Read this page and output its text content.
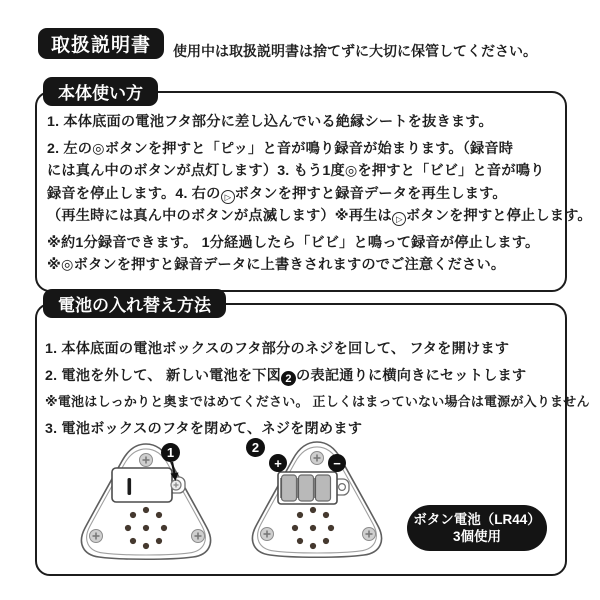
取扱説明書 使用中は取扱説明書は捨てずに大切に保管してください。
本体使い方

1. 本体底面の電池フタ部分に差し込んでいる絶縁シートを抜きます。

2. 左の◎ボタンを押すと「ピッ」と音が鳴り録音が始まります。（録音時

には真ん中のボタンが点灯します）3. もう1度◎を押すと「ビビ」と音が鳴り

録音を停止します。4. 右の ▷ ボタンを押すと録音データを再生します。

（再生時には真ん中のボタンが点滅します）※再生は ▷ ボタンを押すと停止します。

※約1分録音できます。 1分経過したら「ビビ」と鳴って録音が停止します。

※◎ボタンを押すと録音データに上書きされますのでご注意ください。

電池の入れ替え方法

1. 本体底面の電池ボックスのフタ部分のネジを回して、 フタを開けます

2. 電池を外して、 新しい電池を下図 2 の表記通りに横向きにセットします

※電池はしっかりと奥まではめてください。 正しくはまっていない場合は電源が入りません

3. 電池ボックスのフタを閉めて、ネジを閉めます

1	2
+	−
ボタン電池（LR44）
3個使用
